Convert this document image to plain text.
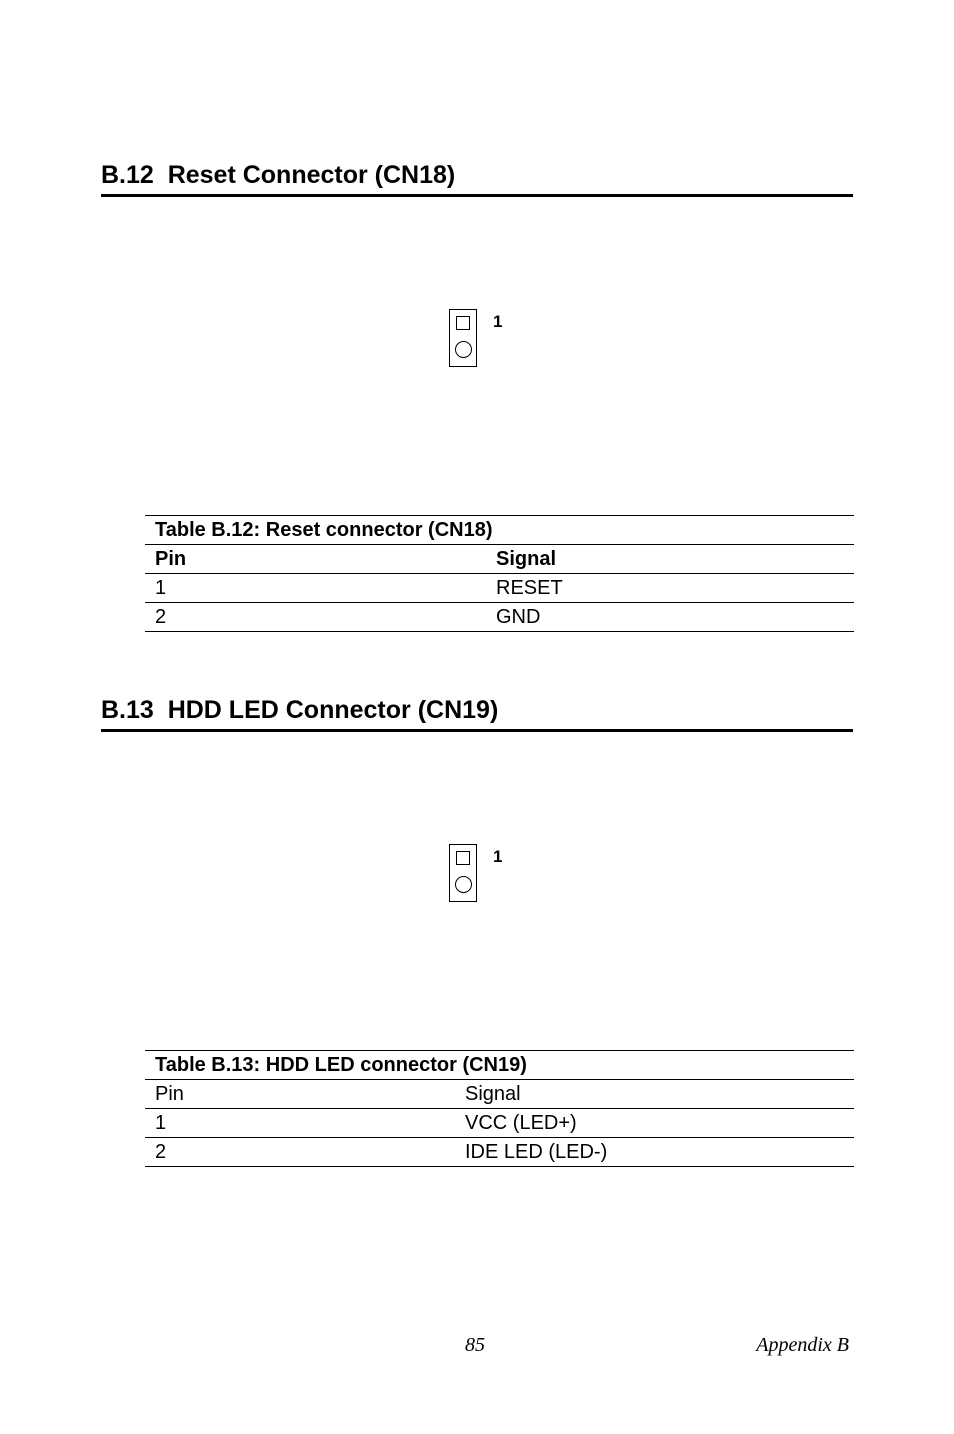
B.12  Reset Connector (CN18)
1
Table B.12: Reset connector (CN18)	
Pin	Signal
1	RESET
2	GND
B.13  HDD LED Connector (CN19)
1
Table B.13: HDD LED connector (CN19)	
Pin	Signal
1	VCC (LED+)
2	IDE LED (LED-)
85	Appendix B
